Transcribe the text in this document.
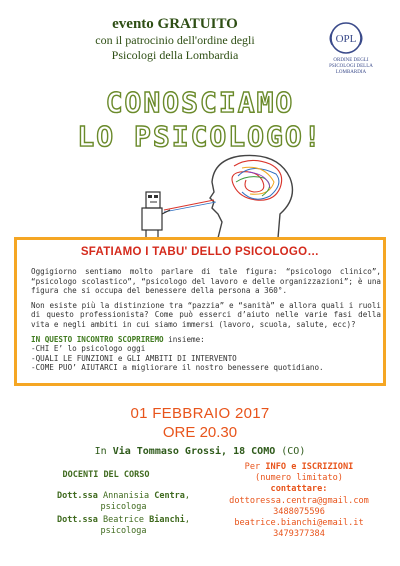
evento GRATUITO
con il patrocinio dell'ordine degli
Psicologi della Lombardia
OPL
ORDINE DEGLI PSICOLOGI DELLA LOMBARDIA
CONOSCIAMO
LO PSICOLOGO!
SFATIAMO I TABU' DELLO PSICOLOGO…

Oggigiorno sentiamo molto parlare di tale figura: “psicologo clinico”, “psicologo scolastico”, “psicologo del lavoro e delle organizzazioni”; è una figura che si occupa del benessere della persona a 360°.

Non esiste più la distinzione tra “pazzia” e “sanità” e allora quali i ruoli di questo professionista? Come può esserci d’aiuto nelle varie fasi della vita e negli ambiti in cui siamo immersi (lavoro, scuola, salute, ecc)?

IN QUESTO INCONTRO SCOPRIREMO insieme:
-CHI E’ lo psicologo oggi
-QUALI LE FUNZIONI e GLI AMBITI DI INTERVENTO
-COME PUO’ AIUTARCI a migliorare il nostro benessere quotidiano.
01 FEBBRAIO 2017
ORE 20.30
In Via Tommaso Grossi, 18 COMO (CO)
DOCENTI DEL CORSO
Dott.ssa Annanisia Centra,
psicologa
Dott.ssa Beatrice Bianchi,
psicologa
Per INFO e ISCRIZIONI
(numero limitato)
contattare:
dottoressa.centra@gmail.com
3488075596
beatrice.bianchi@email.it
3479377384
